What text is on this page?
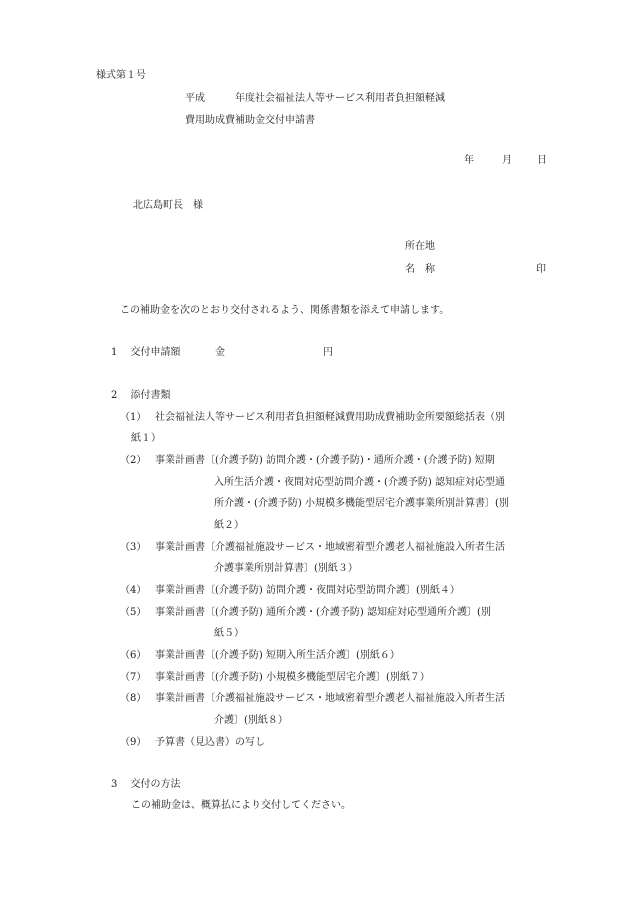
様式第１号
平成	年度社会福祉法人等サービス利用者負担額軽減
費用助成費補助金交付申請書
年	月	日
北広島町長　様
所在地
名　称	印
この補助金を次のとおり交付されるよう、関係書類を添えて申請します。
1　 交付申請額	金	円
2　 添付書類
（1） 社会福祉法人等サービス利用者負担額軽減費用助成費補助金所要額総括表（別
紙１）
（2） 事業計画書〔(介護予防) 訪問介護・(介護予防)・通所介護・(介護予防) 短期
入所生活介護・夜間対応型訪問介護・(介護予防) 認知症対応型通
所介護・(介護予防) 小規模多機能型居宅介護事業所別計算書〕(別
紙２）
（3） 事業計画書〔介護福祉施設サービス・地域密着型介護老人福祉施設入所者生活
介護事業所別計算書〕(別紙３）
（4） 事業計画書〔(介護予防) 訪問介護・夜間対応型訪問介護〕(別紙４）
（5） 事業計画書〔(介護予防) 通所介護・(介護予防) 認知症対応型通所介護〕(別
紙５）
（6） 事業計画書〔(介護予防) 短期入所生活介護〕(別紙６）
（7） 事業計画書〔(介護予防) 小規模多機能型居宅介護〕(別紙７）
（8） 事業計画書〔介護福祉施設サービス・地域密着型介護老人福祉施設入所者生活
介護〕(別紙８）
（9） 予算書（見込書）の写し
3　 交付の方法
この補助金は、概算払により交付してください。
